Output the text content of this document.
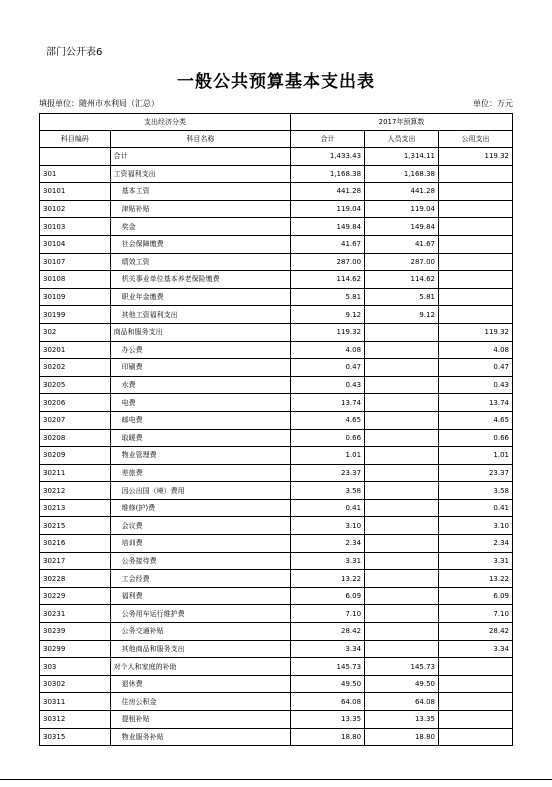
部门公开表6
一般公共预算基本支出表
填报单位：随州市水利局（汇总）	单位：万元
支出经济分类		2017年预算数		
科目编码	科目名称	合计	人员支出	公用支出
	合计	1,433.43	1,314.11	119.32
301	工资福利支出	1,168.38	1,168.38	
30101	基本工资	441.28	441.28	
30102	津贴补贴	119.04	119.04	
30103	奖金	149.84	149.84	
30104	社会保障缴费	41.67	41.67	
30107	绩效工资	287.00	287.00	
30108	机关事业单位基本养老保险缴费	114.62	114.62	
30109	职业年金缴费	5.81	5.81	
30199	其他工资福利支出	9.12	9.12	
302	商品和服务支出	119.32		119.32
30201	办公费	4.08		4.08
30202	印刷费	0.47		0.47
30205	水费	0.43		0.43
30206	电费	13.74		13.74
30207	邮电费	4.65		4.65
30208	取暖费	0.66		0.66
30209	物业管理费	1.01		1.01
30211	差旅费	23.37		23.37
30212	因公出国（境）费用	3.58		3.58
30213	维修(护)费	0.41		0.41
30215	会议费	3.10		3.10
30216	培训费	2.34		2.34
30217	公务接待费	3.31		3.31
30228	工会经费	13.22		13.22
30229	福利费	6.09		6.09
30231	公务用车运行维护费	7.10		7.10
30239	公务交通补贴	28.42		28.42
30299	其他商品和服务支出	3.34		3.34
303	对个人和家庭的补助	145.73	145.73	
30302	退休费	49.50	49.50	
30311	住房公积金	64.08	64.08	
30312	提租补贴	13.35	13.35	
30315	物业服务补贴	18.80	18.80	
